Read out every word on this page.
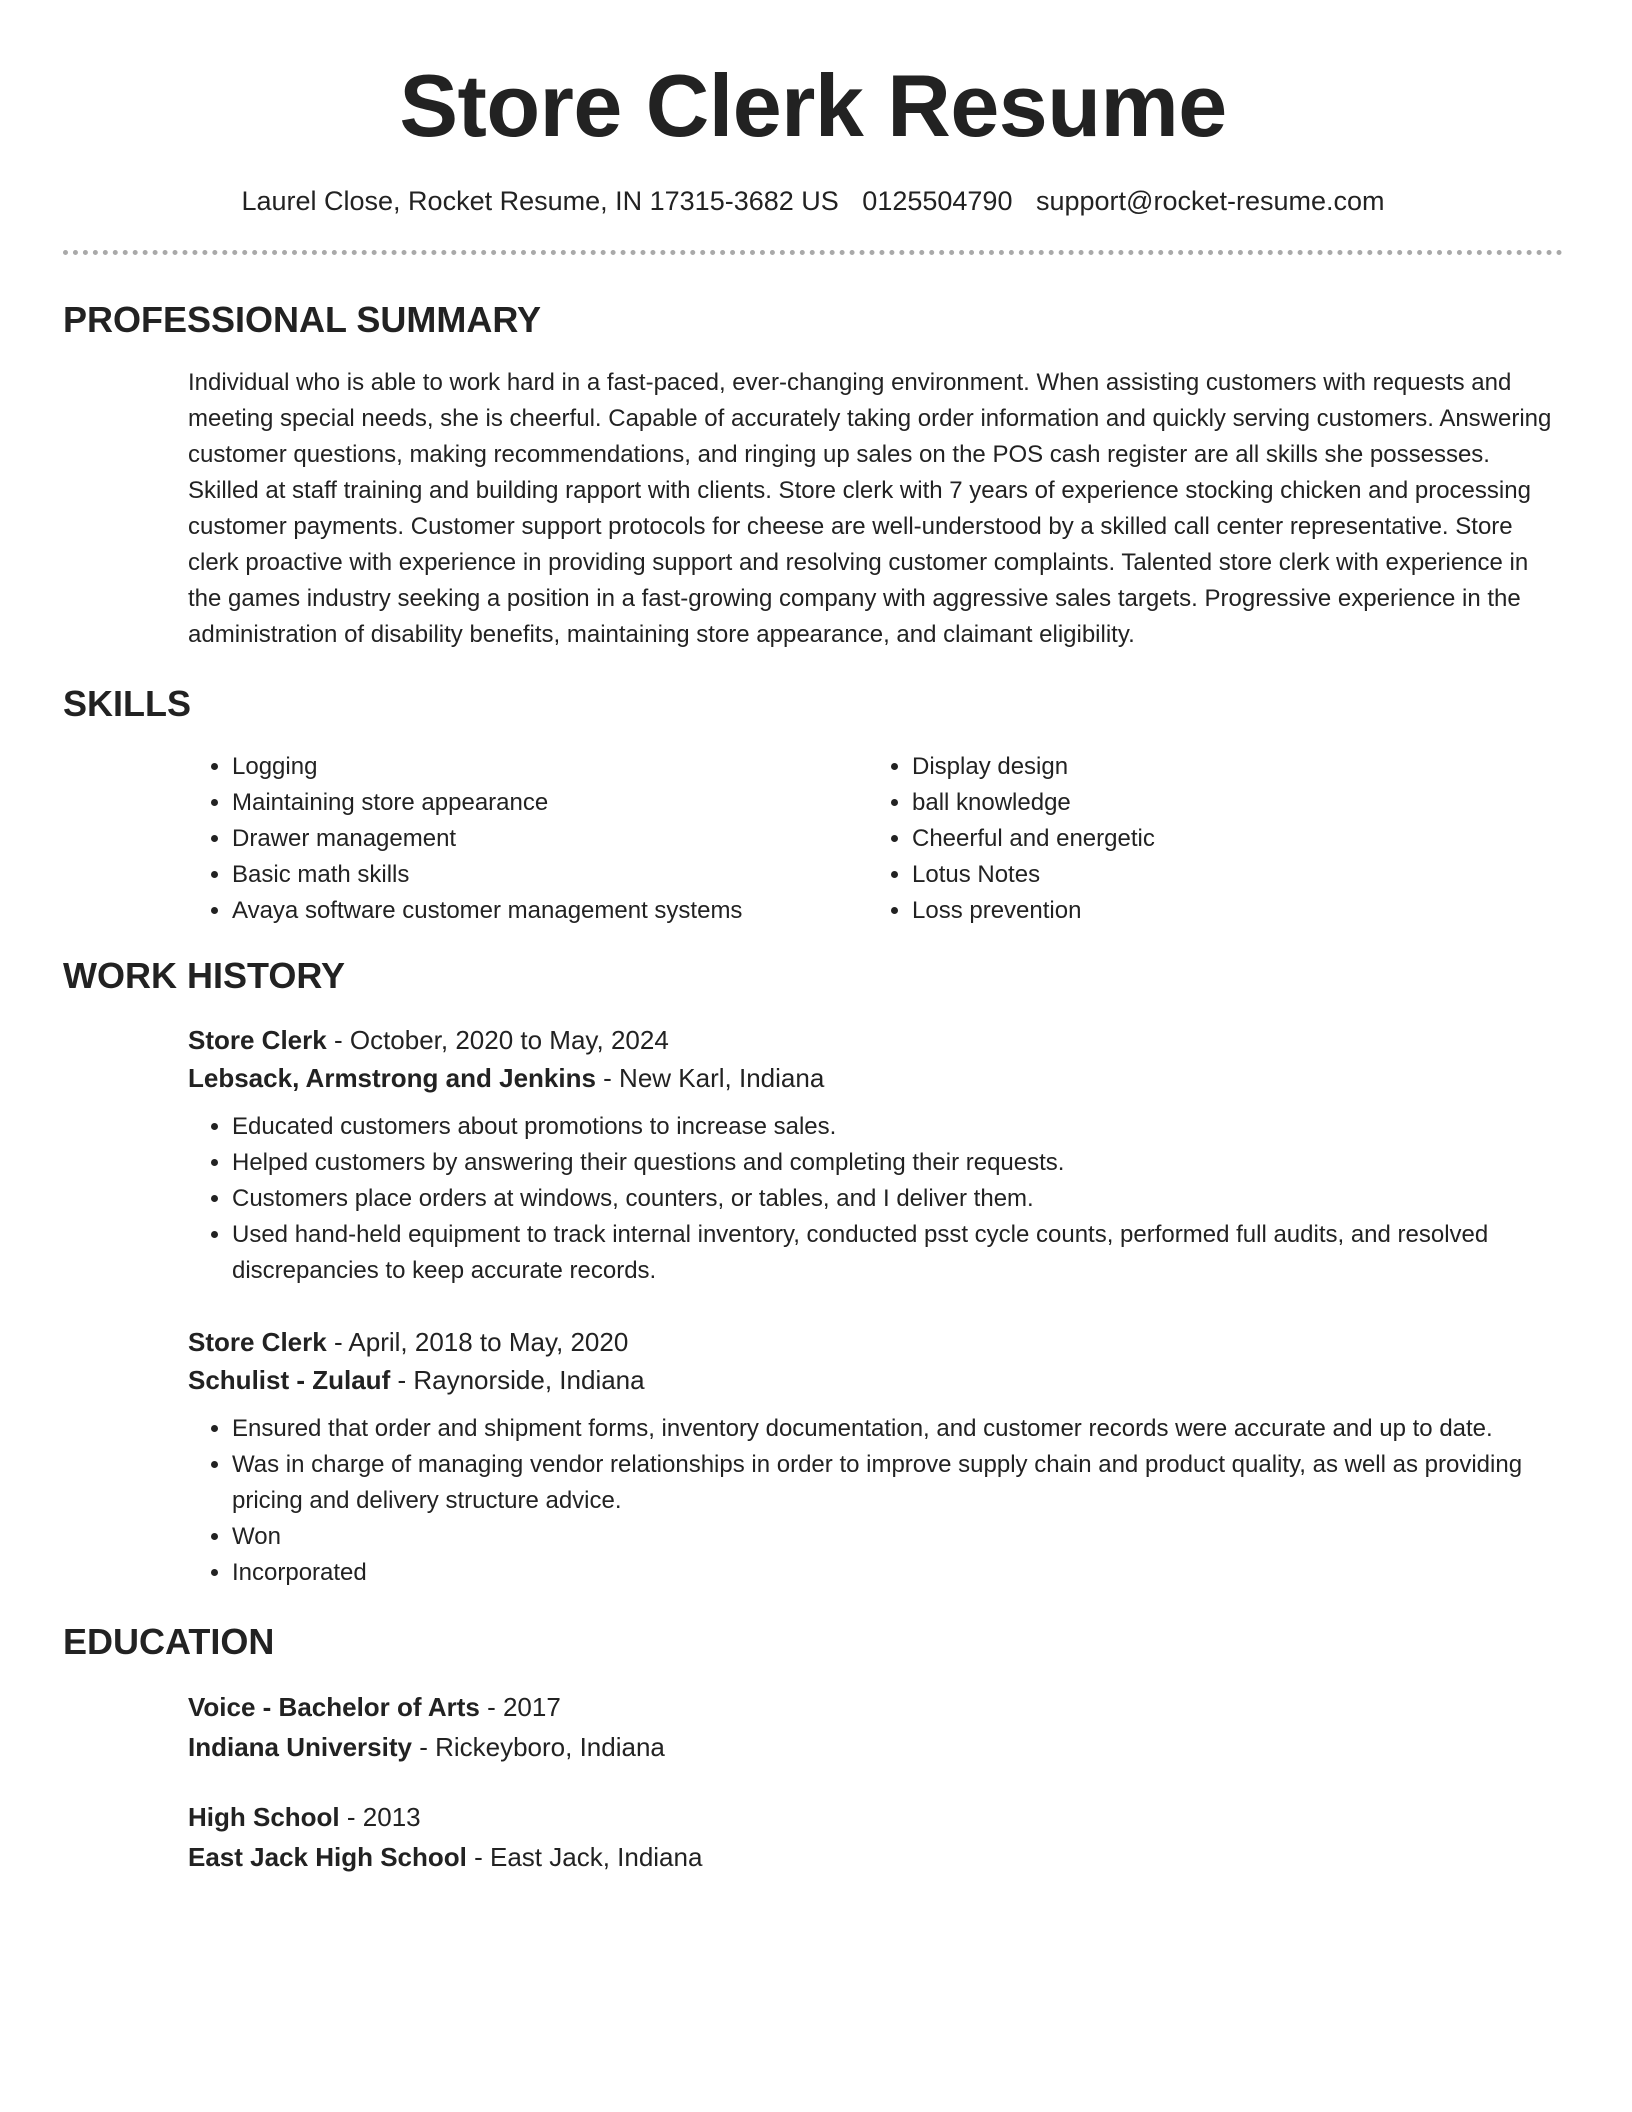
Store Clerk Resume
Laurel Close, Rocket Resume, IN 17315-3682 US 0125504790 support@rocket-resume.com
PROFESSIONAL SUMMARY
Individual who is able to work hard in a fast-paced, ever-changing environment. When assisting customers with requests and meeting special needs, she is cheerful. Capable of accurately taking order information and quickly serving customers. Answering customer questions, making recommendations, and ringing up sales on the POS cash register are all skills she possesses. Skilled at staff training and building rapport with clients. Store clerk with 7 years of experience stocking chicken and processing customer payments. Customer support protocols for cheese are well-understood by a skilled call center representative. Store clerk proactive with experience in providing support and resolving customer complaints. Talented store clerk with experience in the games industry seeking a position in a fast-growing company with aggressive sales targets. Progressive experience in the administration of disability benefits, maintaining store appearance, and claimant eligibility.
SKILLS
• Logging
• Maintaining store appearance
• Drawer management
• Basic math skills
• Avaya software customer management systems
• Display design
• ball knowledge
• Cheerful and energetic
• Lotus Notes
• Loss prevention
WORK HISTORY
Store Clerk - October, 2020 to May, 2024
Lebsack, Armstrong and Jenkins - New Karl, Indiana
• Educated customers about promotions to increase sales.
• Helped customers by answering their questions and completing their requests.
• Customers place orders at windows, counters, or tables, and I deliver them.
• Used hand-held equipment to track internal inventory, conducted psst cycle counts, performed full audits, and resolved discrepancies to keep accurate records.
Store Clerk - April, 2018 to May, 2020
Schulist - Zulauf - Raynorside, Indiana
• Ensured that order and shipment forms, inventory documentation, and customer records were accurate and up to date.
• Was in charge of managing vendor relationships in order to improve supply chain and product quality, as well as providing pricing and delivery structure advice.
• Won
• Incorporated
EDUCATION
Voice - Bachelor of Arts - 2017
Indiana University - Rickeyboro, Indiana
High School - 2013
East Jack High School - East Jack, Indiana
